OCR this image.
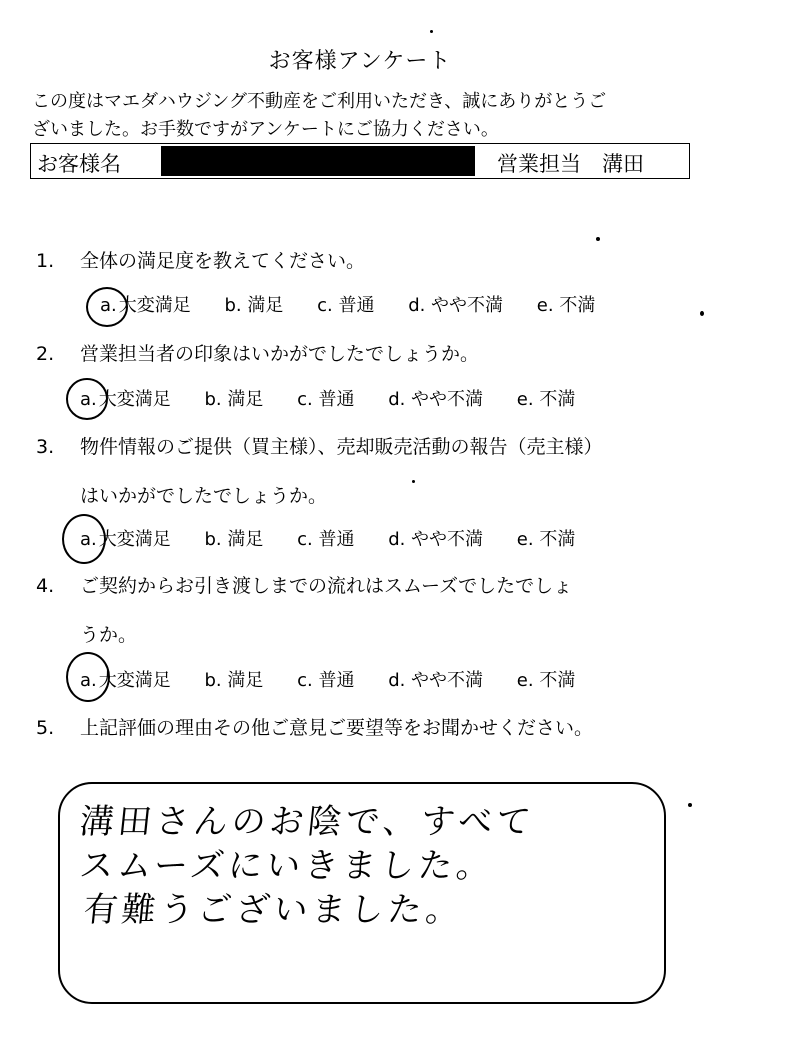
お客様アンケート
この度はマエダハウジング不動産をご利用いただき、誠にありがとうご
ざいました。お手数ですがアンケートにご協力ください。
お客様名	営業担当　溝田
1. 全体の満足度を教えてください。
a. 大変満足 b. 満足 c. 普通 d. やや不満 e. 不満
2. 営業担当者の印象はいかがでしたでしょうか。
a. 大変満足 b. 満足 c. 普通 d. やや不満 e. 不満
3. 物件情報のご提供（買主様）、売却販売活動の報告（売主様）
はいかがでしたでしょうか。
a. 大変満足 b. 満足 c. 普通 d. やや不満 e. 不満
4. ご契約からお引き渡しまでの流れはスムーズでしたでしょ
うか。
a. 大変満足 b. 満足 c. 普通 d. やや不満 e. 不満
5. 上記評価の理由その他ご意見ご要望等をお聞かせください。
溝田さんのお陰で、すべて
スムーズにいきました。
有難うございました。
